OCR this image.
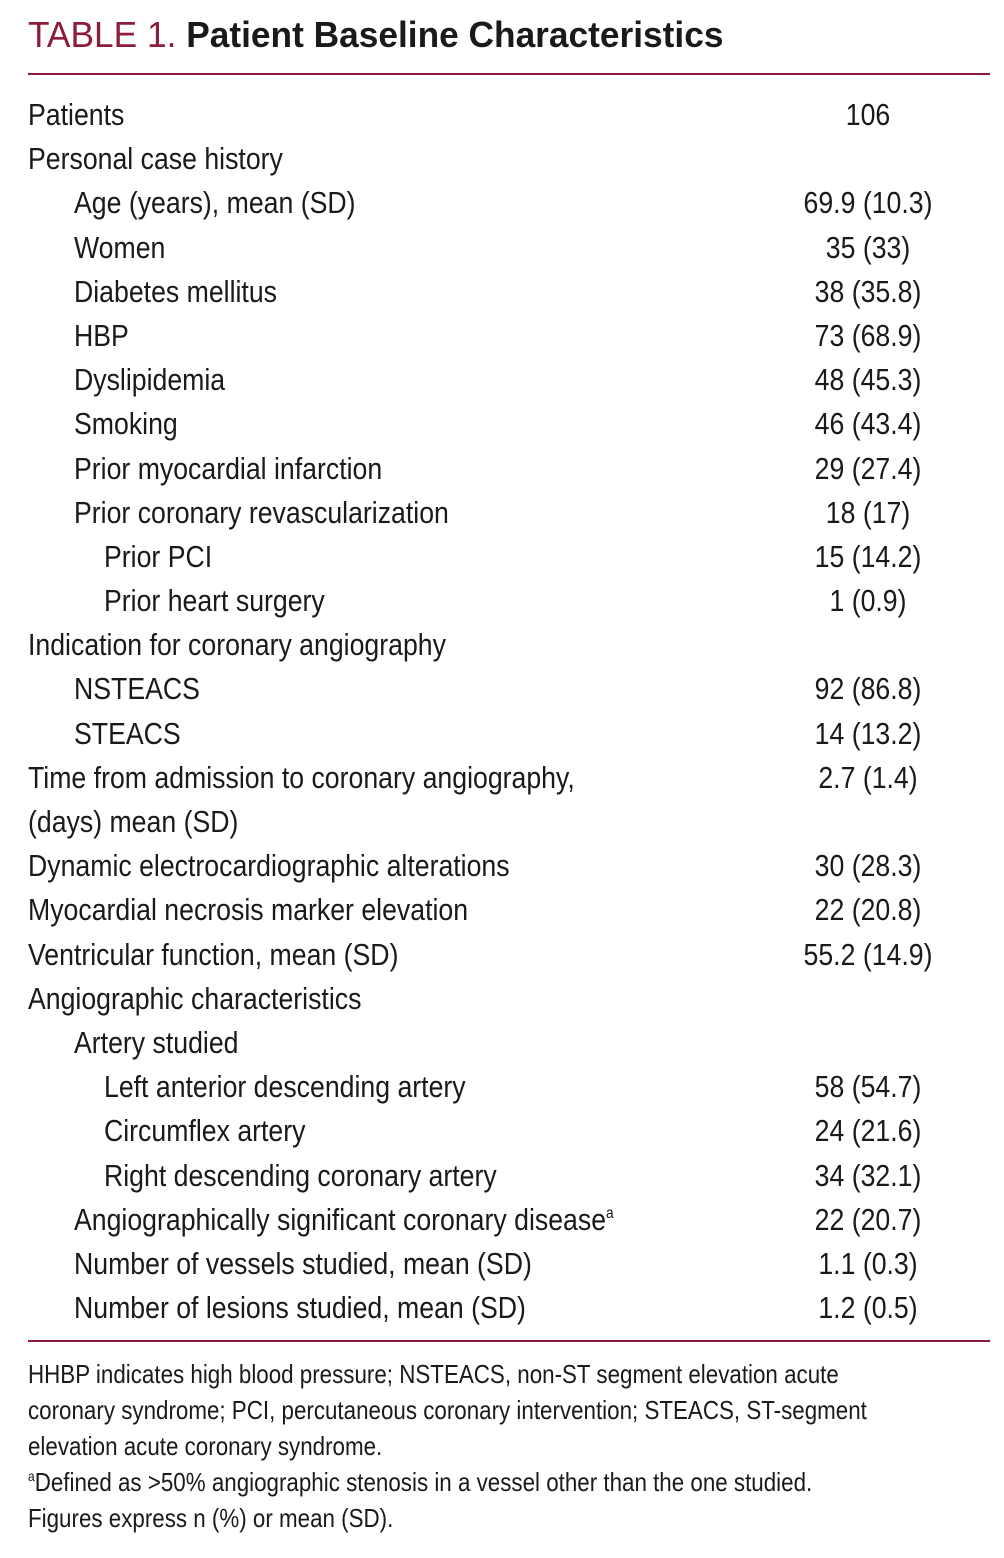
TABLE 1. Patient Baseline Characteristics
Patients	106
Personal case history
Age (years), mean (SD)	69.9 (10.3)
Women	35 (33)
Diabetes mellitus	38 (35.8)
HBP	73 (68.9)
Dyslipidemia	48 (45.3)
Smoking	46 (43.4)
Prior myocardial infarction	29 (27.4)
Prior coronary revascularization	18 (17)
Prior PCI	15 (14.2)
Prior heart surgery	1 (0.9)
Indication for coronary angiography
NSTEACS	92 (86.8)
STEACS	14 (13.2)
Time from admission to coronary angiography,	2.7 (1.4)
(days) mean (SD)
Dynamic electrocardiographic alterations	30 (28.3)
Myocardial necrosis marker elevation	22 (20.8)
Ventricular function, mean (SD)	55.2 (14.9)
Angiographic characteristics
Artery studied
Left anterior descending artery	58 (54.7)
Circumflex artery	24 (21.6)
Right descending coronary artery	34 (32.1)
Angiographically significant coronary disease$^a$	22 (20.7)
Number of vessels studied, mean (SD)	1.1 (0.3)
Number of lesions studied, mean (SD)	1.2 (0.5)

HHBP indicates high blood pressure; NSTEACS, non-ST segment elevation acute

coronary syndrome; PCI, percutaneous coronary intervention; STEACS, ST-segment

elevation acute coronary syndrome.

$^a$Defined as >50% angiographic stenosis in a vessel other than the one studied.

Figures express n (%) or mean (SD).
